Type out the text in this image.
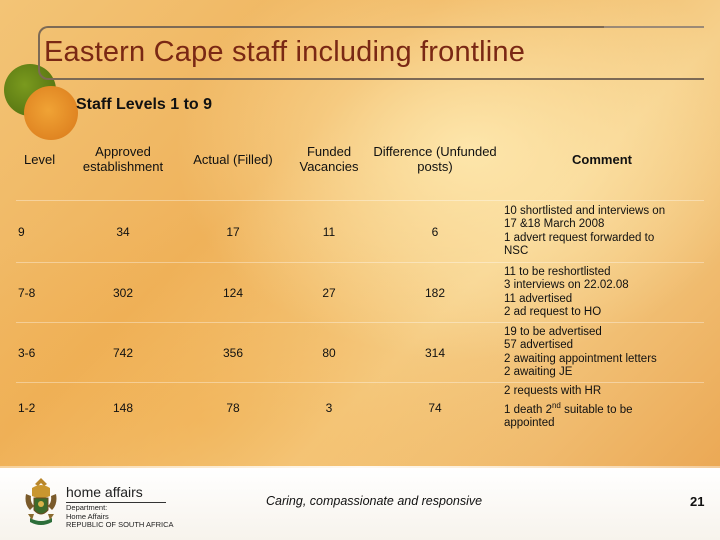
Eastern Cape staff including frontline
Staff Levels 1 to 9
Level	Approved establishment	Actual (Filled)	Funded Vacancies	Difference (Unfunded posts)	Comment
9	34	17	11	6	10 shortlisted and interviews on
17 &18 March 2008
1 advert request forwarded to
NSC

7-8	302	124	27	182	11 to be reshortlisted
3 interviews on 22.02.08
11 advertised
2 ad request to HO

3-6	742	356	80	314	19 to be advertised
57 advertised
2 awaiting appointment letters
2 awaiting JE

1-2	148	78	3	74	2 requests with HR
1 death 2nd suitable to be
appointed
home affairs
Department:
Home Affairs
REPUBLIC OF SOUTH AFRICA
Caring, compassionate and responsive	21
